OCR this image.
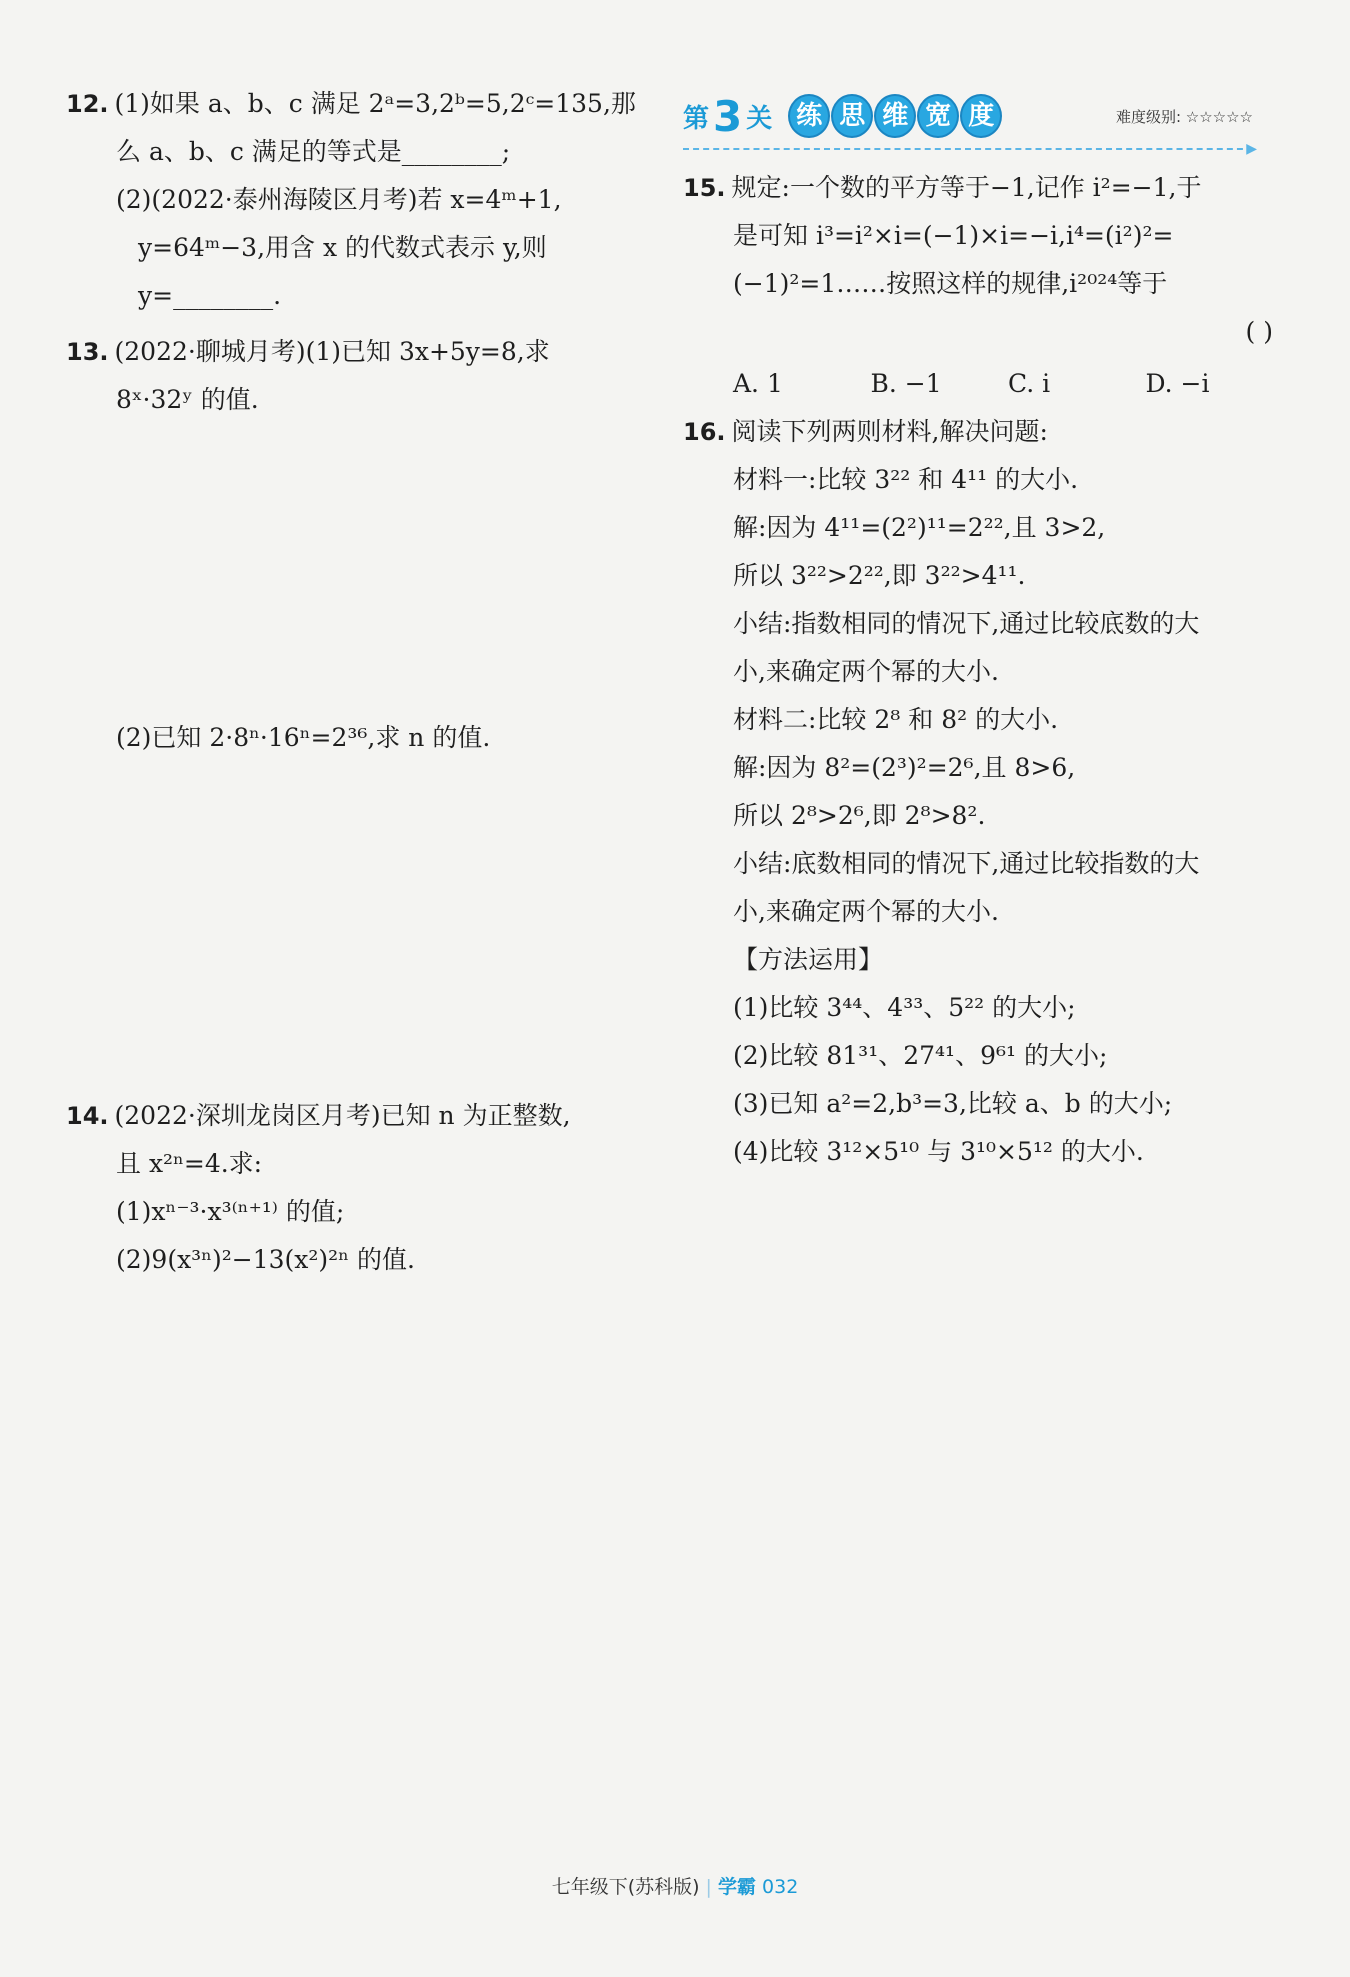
12. (1)如果 a、b、c 满足 2ᵃ=3,2ᵇ=5,2ᶜ=135,那
么 a、b、c 满足的等式是________;
(2)(2022·泰州海陵区月考)若 x=4ᵐ+1,
y=64ᵐ−3,用含 x 的代数式表示 y,则
y=________.
13. (2022·聊城月考)(1)已知 3x+5y=8,求
8ˣ·32ʸ 的值.
(2)已知 2·8ⁿ·16ⁿ=2³⁶,求 n 的值.
14. (2022·深圳龙岗区月考)已知 n 为正整数,
且 x²ⁿ=4.求:
(1)xⁿ⁻³·x³⁽ⁿ⁺¹⁾ 的值;
(2)9(x³ⁿ)²−13(x²)²ⁿ 的值.
第 3 关 练 思 维 宽 度	难度级别: ☆☆☆☆☆
▶
15. 规定:一个数的平方等于−1,记作 i²=−1,于
是可知 i³=i²×i=(−1)×i=−i,i⁴=(i²)²=
(−1)²=1……按照这样的规律,i²⁰²⁴等于
( )
A. 1	B. −1	C. i	D. −i
16. 阅读下列两则材料,解决问题:
材料一:比较 3²² 和 4¹¹ 的大小.
解:因为 4¹¹=(2²)¹¹=2²²,且 3>2,
所以 3²²>2²²,即 3²²>4¹¹.
小结:指数相同的情况下,通过比较底数的大
小,来确定两个幂的大小.
材料二:比较 2⁸ 和 8² 的大小.
解:因为 8²=(2³)²=2⁶,且 8>6,
所以 2⁸>2⁶,即 2⁸>8².
小结:底数相同的情况下,通过比较指数的大
小,来确定两个幂的大小.
【方法运用】
(1)比较 3⁴⁴、4³³、5²² 的大小;
(2)比较 81³¹、27⁴¹、9⁶¹ 的大小;
(3)已知 a²=2,b³=3,比较 a、b 的大小;
(4)比较 3¹²×5¹⁰ 与 3¹⁰×5¹² 的大小.
七年级下(苏科版) | 学霸 032
